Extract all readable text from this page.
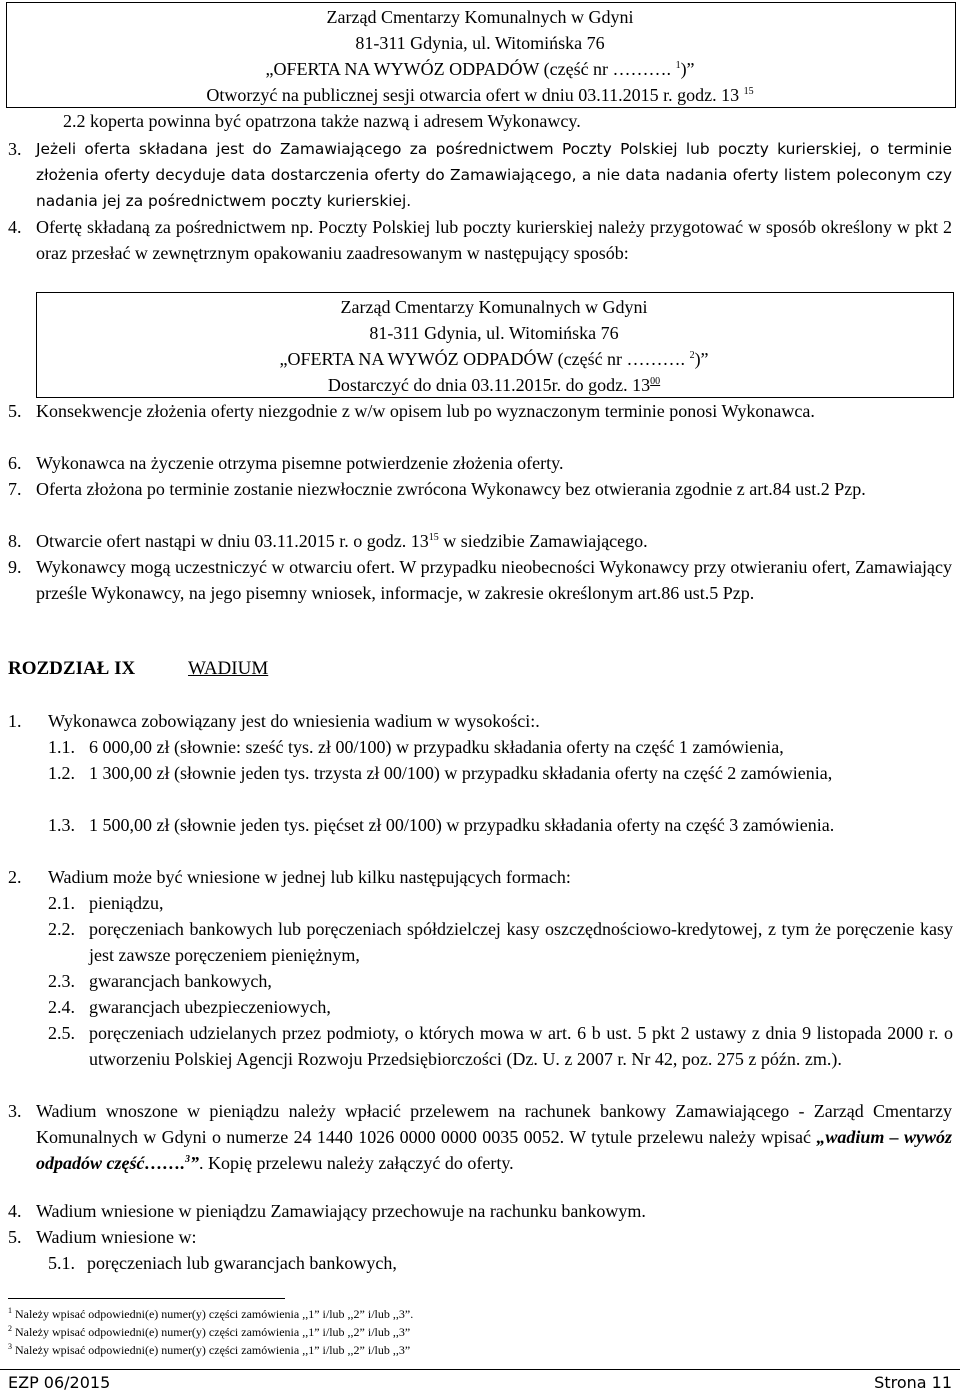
Zarząd Cmentarzy Komunalnych w Gdyni
81-311 Gdynia, ul. Witomińska 76
„OFERTA NA WYWÓZ ODPADÓW (część nr ………. $^1$)”
Otworzyć na publicznej sesji otwarcia ofert w dniu 03.11.2015 r. godz. 13 $^{15}$
2.2 koperta powinna być opatrzona także nazwą i adresem Wykonawcy.
3. Jeżeli oferta składana jest do Zamawiającego za pośrednictwem Poczty Polskiej lub poczty kurierskiej, o terminie złożenia oferty decyduje data dostarczenia oferty do Zamawiającego, a nie data nadania oferty listem poleconym czy nadania jej za pośrednictwem poczty kurierskiej.
4. Ofertę składaną za pośrednictwem np. Poczty Polskiej lub poczty kurierskiej należy przygotować w sposób określony w pkt 2 oraz przesłać w zewnętrznym opakowaniu zaadresowanym w następujący sposób:
Zarząd Cmentarzy Komunalnych w Gdyni
81-311 Gdynia, ul. Witomińska 76
„OFERTA NA WYWÓZ ODPADÓW (część nr ………. $^2$)”
Dostarczyć do dnia 03.11.2015r. do godz. $13^{00}$
5. Konsekwencje złożenia oferty niezgodnie z w/w opisem lub po wyznaczonym terminie ponosi Wykonawca.
6. Wykonawca na życzenie otrzyma pisemne potwierdzenie złożenia oferty.
7. Oferta złożona po terminie zostanie niezwłocznie zwrócona Wykonawcy bez otwierania zgodnie z art.84 ust.2 Pzp.
8. Otwarcie ofert nastąpi w dniu 03.11.2015 r. o godz. $13^{15}$ w siedzibie Zamawiającego.
9. Wykonawcy mogą uczestniczyć w otwarciu ofert. W przypadku nieobecności Wykonawcy przy otwieraniu ofert, Zamawiający prześle Wykonawcy, na jego pisemny wniosek, informacje, w zakresie określonym art.86 ust.5 Pzp.
ROZDZIAŁ IX	WADIUM
1. Wykonawca zobowiązany jest do wniesienia wadium w wysokości:.
1.1. 6 000,00 zł (słownie: sześć tys. zł 00/100) w przypadku składania oferty na część 1 zamówienia,
1.2. 1 300,00 zł (słownie jeden tys. trzysta zł 00/100) w przypadku składania oferty na część 2 zamówienia,
1.3. 1 500,00 zł (słownie jeden tys. pięćset zł 00/100) w przypadku składania oferty na część 3 zamówienia.
2. Wadium może być wniesione w jednej lub kilku następujących formach:
2.1. pieniądzu,
2.2. poręczeniach bankowych lub poręczeniach spółdzielczej kasy oszczędnościowo-kredytowej, z tym że poręczenie kasy jest zawsze poręczeniem pieniężnym,
2.3. gwarancjach bankowych,
2.4. gwarancjach ubezpieczeniowych,
2.5. poręczeniach udzielanych przez podmioty, o których mowa w art. 6 b ust. 5 pkt 2 ustawy z dnia 9 listopada 2000 r. o utworzeniu Polskiej Agencji Rozwoju Przedsiębiorczości (Dz. U. z 2007 r. Nr 42, poz. 275 z późn. zm.).
3. Wadium wnoszone w pieniądzu należy wpłacić przelewem na rachunek bankowy Zamawiającego - Zarząd Cmentarzy Komunalnych w Gdyni o numerze 24 1440 1026 0000 0000 0035 0052. W tytule przelewu należy wpisać „wadium – wywóz odpadów część…….$^3$”. Kopię przelewu należy załączyć do oferty.
4. Wadium wniesione w pieniądzu Zamawiający przechowuje na rachunku bankowym.
5. Wadium wniesione w:
5.1. poręczeniach lub gwarancjach bankowych,
$^1$ Należy wpisać odpowiedni(e) numer(y) części zamówienia ,,1” i/lub ,,2” i/lub ,,3”.
$^2$ Należy wpisać odpowiedni(e) numer(y) części zamówienia ,,1” i/lub ,,2” i/lub ,,3”
$^3$ Należy wpisać odpowiedni(e) numer(y) części zamówienia ,,1” i/lub ,,2” i/lub ,,3”
EZP 06/2015	Strona 11
